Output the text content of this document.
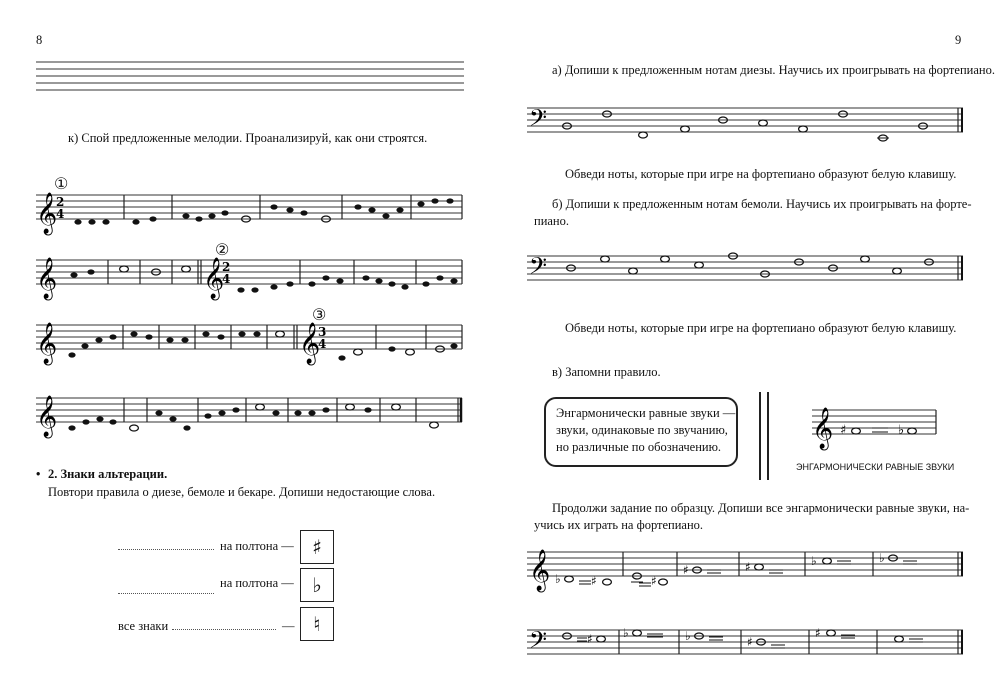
8
к) Спой предложенные мелодии. Проанализируй, как они строятся.
𝄞
2
4
①
𝄞	𝄞
2
4
②
𝄞	𝄞
3
4
③
𝄞
• 2. Знаки альтерации.
Повтори правила о диезе, бемоле и бекаре. Допиши недостающие слова.
на полтона — ♯
на полтона — ♭
все знаки	— ♮
9
а) Допиши к предложенным нотам диезы. Научись их проигрывать на фортепиано.
𝄢
Обведи ноты, которые при игре на фортепиано образуют белую клавишу.
б) Допиши к предложенным нотам бемоли. Научись их проигрывать на форте-
пиано.
𝄢
Обведи ноты, которые при игре на фортепиано образуют белую клавишу.
в) Запомни правило.
Энгармонически равные звуки —
звуки, одинаковые по звучанию,
но различные по обозначению.	𝄞 ♯	♭
ЭНГАРМОНИЧЕСКИ РАВНЫЕ ЗВУКИ
Продолжи задание по образцу. Допиши все энгармонически равные звуки, на-
учись их играть на фортепиано.
𝄞 ♭	♯	♯
♯	♯	♭	♭
𝄢	♯	♭	♭	♯
♯
